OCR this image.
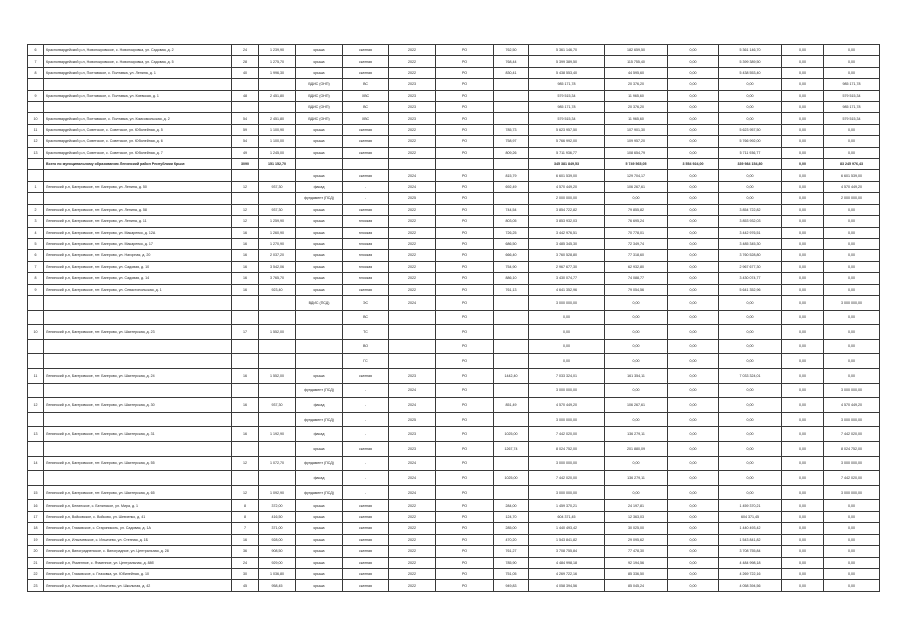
6	Красногвардейский р-н, Новопокровское, с. Новопокровка, ул. Садовая, д. 2	24	1 239,90	крыша	скатная	2022	РО	762,50	5 361 146,70	182 659,50	0,00	5 361 146,70	0,00	0,00
7	Красногвардейский р-н, Новопокровское, с. Новопокровка, ул. Садовая, д. 5	28	1 275,70	крыша	скатная	2022	РО	768,44	5 399 389,50	115 755,40	0,00	5 399 389,50	0,00	0,00
8	Красногвардейский р-н, Полтавское, с. Полтавка, ул. Ленина, д. 1	40	1 996,30	крыша	скатная	2022	РО	830,41	5 438 553,40	44 595,60	0,00	5 438 553,40	0,00	0,00
				ВДИС (ОНП)	ВС	2023	РО		985 171,78	20 376,20	0,00	0,00	0,00	985 171,78
9	Красногвардейский р-н, Полтавское, с. Полтавка, ул. Киевская, д. 1	48	2 451,80	ВДИС (ОНП)	ХВС	2023	РО		579 515,34	11 965,60	0,00	0,00	0,00	579 515,34
				ВДИС (ОНП)	ВС	2023	РО		985 171,78	20 376,20	0,00	0,00	0,00	985 171,78
10	Красногвардейский р-н, Полтавское, с. Полтавка, ул. Комсомольская, д. 2	54	2 451,80	ВДИС (ОНП)	ХВС	2023	РО		579 515,34	11 965,60	0,00	0,00	0,00	579 515,34
11	Красногвардейский р-н, Советское, с. Советское, ул. Юбилейная, д. 5	59	1 100,90	крыша	скатная	2022	РО	785,73	5 623 957,50	107 901,30	0,00	5 623 957,50	0,00	0,00
12	Красногвардейский р-н, Советское, с. Советское, ул. Юбилейная, д. 6	54	1 100,00	крыша	скатная	2022	РО	758,97	5 766 992,00	109 957,20	0,00	5 766 992,00	0,00	0,00
13	Красногвардейский р-н, Советское, с. Советское, ул. Юбилейная, д. 7	49	1 245,00	крыша	скатная	2022	РО	809,26	5 711 936,77	108 654,79	0,00	5 711 936,77	0,00	0,00
	Всего по муниципальному образованию Ленинский район Республики Крым:	3090	151 152,70						345 381 849,53	5 749 565,05	3 554 924,00	339 984 154,80	0,00	83 245 976,43
				крыша	скатная	2024	РО	815,79	6 601 539,00	129 704,17	0,00	0,00	0,00	6 601 539,00
1	Ленинский р-н, Багеровское, пгт. Багерово, ул. Ленина, д. 50	12	937,30	фасад	-	2024	РО	692,49	4 570 449,20	106 267,61	0,00	0,00	0,00	4 570 449,20
				фундамент (ПСД)	-	2025	РО		2 000 000,00	0,00	0,00	0,00	0,00	2 000 000,00
2	Ленинский р-н, Багеровское, пгт. Багерово, ул. Ленина, д. 58	12	937,30	крыша	скатная	2022	РО	744,54	3 854 722,82	79 855,82	0,00	3 854 722,82	0,00	0,00
3	Ленинский р-н, Багеровское, пгт. Багерово, ул. Ленина, д. 11	12	1 259,90	крыша	плоская	2022	РО	803,05	3 853 932,03	76 695,24	0,00	3 853 932,03	0,00	0,00
4	Ленинский р-н, Багеровское, пгт. Багерово, ул. Макаренко, д. 12А	16	1 260,90	крыша	плоская	2022	РО	726,25	3 442 976,51	70 778,01	0,00	3 442 976,51	0,00	0,00
5	Ленинский р-н, Багеровское, пгт. Багерово, ул. Макаренко, д. 17	16	1 270,90	крыша	плоская	2022	РО	686,50	3 485 345,30	72 349,74	0,00	3 485 345,30	0,00	0,00
6	Ленинский р-н, Багеровское, пгт. Багерово, ул. Нагорная, д. 20	16	2 037,20	крыша	плоская	2022	РО	666,40	3 760 528,80	77 318,60	0,00	3 760 528,80	0,00	0,00
7	Ленинский р-н, Багеровское, пгт. Багерово, ул. Садовая, д. 10	16	3 542,06	крыша	плоская	2022	РО	754,90	2 967 677,30	62 932,80	0,00	2 967 677,30	0,00	0,00
8	Ленинский р-н, Багеровское, пгт. Багерово, ул. Садовая, д. 14	16	3 765,70	крыша	плоская	2022	РО	886,10	3 430 074,77	74 088,77	0,00	3 430 074,77	0,00	0,00
9	Ленинский р-н, Багеровское, пгт. Багерово, ул. Севастопольская, д. 1	16	923,40	крыша	скатная	2022	РО	761,13	4 641 352,96	79 054,56	0,00	5 641 352,96	0,00	0,00
				ВДИС (ПСД)	ЭС	2024	РО		3 000 000,00	0,00	0,00	0,00	0,00	3 000 000,00
					ВС		РО		0,00	0,00	0,00	0,00	0,00	0,00
10	Ленинский р-н, Багеровское, пгт. Багерово, ул. Шахтерская, д. 23	17	1 552,00		ТС		РО		0,00	0,00	0,00	0,00	0,00	0,00
					ВО		РО		0,00	0,00	0,00	0,00	0,00	0,00
					ГС		РО		0,00	0,00	0,00	0,00	0,00	0,00
11	Ленинский р-н, Багеровское, пгт. Багерово, ул. Шахтерская, д. 24	16	1 552,00	крыша	скатная	2023	РО	1442,40	7 033 324,01	161 354,11	0,00	7 033 324,01	0,00	0,00
				фундамент (ПСД)	-	2024	РО		3 000 000,00	0,00	0,00	0,00	0,00	3 000 000,00
12	Ленинский р-н, Багеровское, пгт. Багерово, ул. Шахтерская, д. 30	16	937,30	фасад	-	2024	РО	851,49	4 570 449,20	106 267,61	0,00	0,00	0,00	4 570 449,20
				фундамент (ПСД)	-	2025	РО		3 000 000,00	0,00	0,00	0,00	0,00	3 000 000,00
13	Ленинский р-н, Багеровское, пгт. Багерово, ул. Шахтерская, д. 31	16	1 192,90	фасад	-	2023	РО	1025,00	7 442 020,00	136 279,11	0,00	0,00	0,00	7 442 020,00
				крыша	скатная	2023	РО	1267,74	8 024 752,00	201 880,09	0,00	0,00	0,00	8 024 752,00
14	Ленинский р-н, Багеровское, пгт. Багерово, ул. Шахтерская, д. 55	12	1 072,70	фундамент (ПСД)	-	2024	РО		3 000 000,00	0,00	0,00	0,00	0,00	3 000 000,00
				фасад	-	2024	РО	1025,00	7 442 020,00	136 279,11	0,00	0,00	0,00	7 442 020,00
15	Ленинский р-н, Багеровское, пгт. Багерово, ул. Шахтерская, д. 65	12	1 092,90	фундамент (ПСД)	-	2024	РО		3 000 000,00	0,00	0,00	0,00	0,00	3 000 000,00
16	Ленинский р-н, Белинское, с. Белинское, ул. Мира, д. 1	8	372,00	крыша	скатная	2022	РО	284,00	1 459 370,21	24 197,81	0,00	1 459 370,21	0,00	0,00
17	Ленинский р-н, Войковское, с. Войково, ул. Шевченко, д. 41	8	416,50	крыша	скатная	2022	РО	124,70	604 371,45	12 363,03	0,00	604 371,45	0,00	0,00
18	Ленинский р-н, Глазовское, с. Старониколь, ул. Садовая, д. 1А	7	371,00	крыша	скатная	2022	РО	285,00	1 440 493,42	30 025,00	0,00	1 440 493,42	0,00	0,00
19	Ленинский р-н, Ильичевское, с. Ильичево, ул. Степная, д. 1Б	16	928,00	крыша	скатная	2022	РО	470,20	1 543 841,82	29 095,62	0,00	1 543 841,82	0,00	0,00
20	Ленинский р-н, Виноградненское, с. Виноградное, ул. Центральная, д. 28	36	908,50	крыша	скатная	2022	РО	761,27	3 708 755,84	77 478,30	0,00	3 708 755,84	0,00	0,00
21	Ленинский р-н, Ячменное, с. Ячменное, ул. Центральная, д. 88б	24	929,00	крыша	скатная	2022	РО	785,90	4 484 998,18	92 194,56	0,00	4 484 998,18	0,00	0,00
22	Ленинский р-н, Глазовское, с. Глазовка, ул. Юбилейная, д. 10	30	1 036,80	крыша	скатная	2022	РО	751,05	4 269 722,16	85 336,50	0,00	4 269 722,16	0,00	0,00
23	Ленинский р-н, Ильичевское, с. Ильичево, ул. Школьная, д. 42	45	958,45	крыша	скатная	2022	РО	949,83	4 058 394,56	85 045,24	0,00	4 058 394,56	0,00	0,00
